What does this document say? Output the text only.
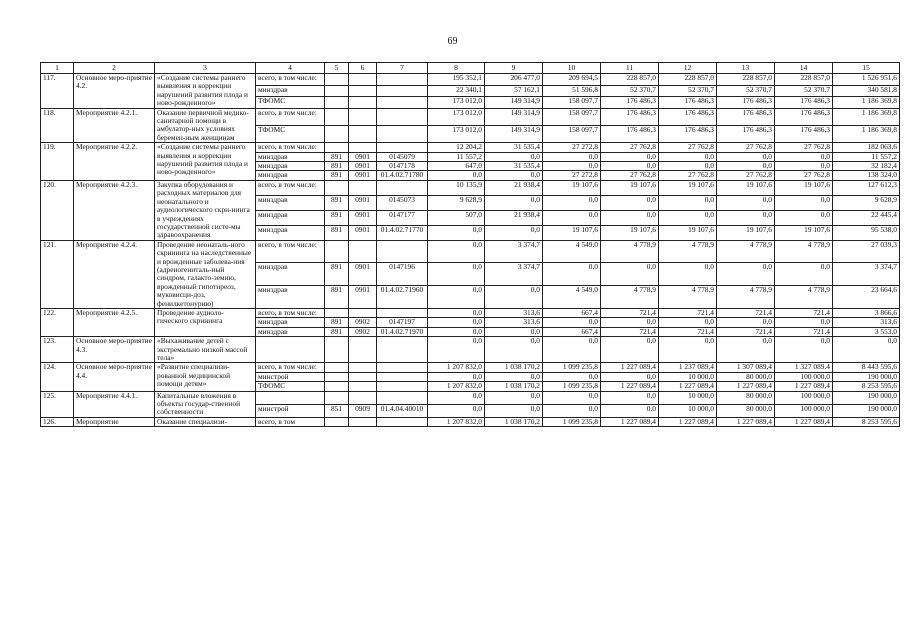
69
1	2	3	4	5	6	7	8	9	10	11	12	13	14	15
117.	Основное меро-приятие 4.2.	«Создание системы раннего выявления и коррекции нарушений развития плода и ново-рожденного»	всего, в том числе:				195 352,1	206 477,0	209 694,5	228 857,0	228 857,0	228 857,0	228 857,0	1 526 951,6
			минздрав				22 340,1	57 162,1	51 596,8	52 370,7	52 370,7	52 370,7	52 370,7	340 581,8
			ТФОМС				173 012,0	149 314,9	158 097,7	176 486,3	176 486,3	176 486,3	176 486,3	1 186 369,8
118.	Мероприятие 4.2.1.	Оказание первичной медико-санитарной помощи в амбулатор-ных условиях беремен-ным женщинам	всего, в том числе:				173 012,0	149 314,9	158 097,7	176 486,3	176 486,3	176 486,3	176 486,3	1 186 369,8
			ТФОМС				173 012,0	149 314,9	158 097,7	176 486,3	176 486,3	176 486,3	176 486,3	1 186 369,8
119.	Мероприятие 4.2.2.	«Создание системы раннего выявления и коррекции нарушений развития плода и ново-рожденного»	всего, в том числе:				12 204,2	31 535,4	27 272,8	27 762,8	27 762,8	27 762,8	27 762,8	182 063,6
			минздрав	891	0901	0145079	11 557,2	0,0	0,0	0,0	0,0	0,0	0,0	11 557,2
			минздрав	891	0901	0147178	647,0	31 535,4	0,0	0,0	0,0	0,0	0,0	32 182,4
			минздрав	891	0901	01.4.02.71780	0,0	0,0	27 272,8	27 762,8	27 762,8	27 762,8	27 762,8	138 324,0
120.	Мероприятие 4.2.3.	Закупка оборудования и расходных материалов для неонатального и аудиологического скри-нинга в учреждениях государственной систе-мы здравоохранения	всего, в том числе:				10 135,9	21 938,4	19 107,6	19 107,6	19 107,6	19 107,6	19 107,6	127 612,3
			минздрав	891	0901	0145073	9 628,9	0,0	0,0	0,0	0,0	0,0	0,0	9 628,9
			минздрав	891	0901	0147177	507,0	21 938,4	0,0	0,0	0,0	0,0	0,0	22 445,4
			минздрав	891	0901	01.4.02.71770	0,0	0,0	19 107,6	19 107,6	19 107,6	19 107,6	19 107,6	95 538,0
121.	Мероприятие 4.2.4.	Проведение неонаталь-ного скрининга на наследственные и врожденные заболева-ния (адреногениталь-ный синдром, галакто-земию, врожденный гипотиреоз, муковисци-доз, фенилкетонурию)	всего, в том числе:				0,0	3 374,7	4 549,0	4 778,9	4 778,9	4 778,9	4 778,9	27 039,3
			минздрав	891	0901	0147196	0,0	3 374,7	0,0	0,0	0,0	0,0	0,0	3 374,7
			минздрав	891	0901	01.4.02.71960	0,0	0,0	4 549,0	4 778,9	4 778,9	4 778,9	4 778,9	23 664,6
122.	Мероприятие 4.2.5.	Проведение аудиоло-гического скрининга	всего, в том числе:				0,0	313,6	667,4	721,4	721,4	721,4	721,4	3 866,6
			минздрав	891	0902	0147197	0,0	313,6	0,0	0,0	0,0	0,0	0,0	313,6
			минздрав	891	0902	01.4.02.71970	0,0	0,0	667,4	721,4	721,4	721,4	721,4	3 553,0
123.	Основное меро-приятие 4.3.	«Выхаживание детей с экстремально низкой массой тела»					0,0	0,0	0,0	0,0	0,0	0,0	0,0	0,0
124.	Основное меро-приятие 4.4.	«Развитие специализи-рованной медицинской помощи детям»	всего, в том числе:				1 207 832,0	1 038 170,2	1 099 235,8	1 227 089,4	1 237 089,4	1 307 089,4	1 327 089,4	8 443 595,6
			минстрой				0,0	0,0	0,0	0,0	10 000,0	80 000,0	100 000,0	190 000,0
			ТФОМС				1 207 832,0	1 038 170,2	1 099 235,8	1 227 089,4	1 227 089,4	1 227 089,4	1 227 089,4	8 253 595,6
125.	Мероприятие 4.4.1.	Капитальные вложения в объекты государ-ственной собственности					0,0	0,0	0,0	0,0	10 000,0	80 000,0	100 000,0	190 000,0
			минстрой	851	0909	01.4.04.40010	0,0	0,0	0,0	0,0	10 000,0	80 000,0	100 000,0	190 000,0
126.	Мероприятие	Оказание специализи-	всего, в том				1 207 832,0	1 038 170,2	1 099 235,8	1 227 089,4	1 227 089,4	1 227 089,4	1 227 089,4	8 253 595,6
